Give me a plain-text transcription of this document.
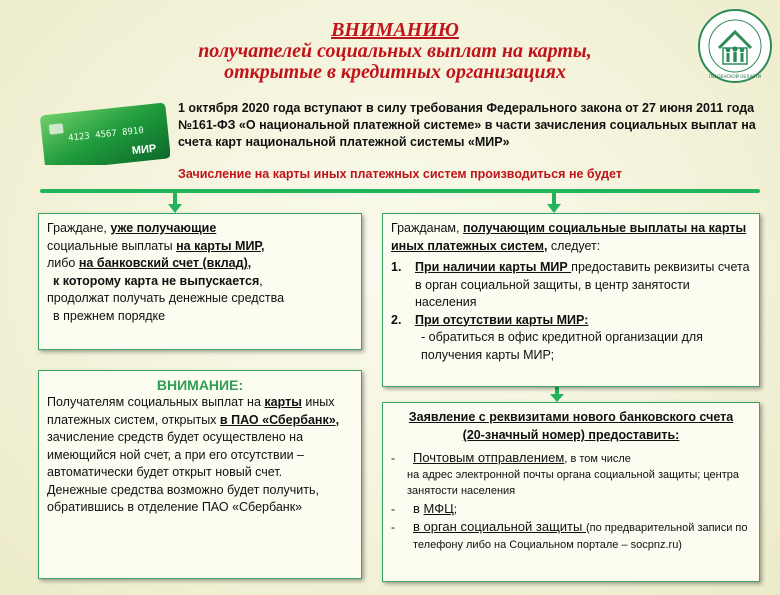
ВНИМАНИЮ
получателей социальных выплат на карты,
открытые в кредитных организациях	ПЕНЗЕНСКОЙ ОБЛАСТИ
4123 4567 8910
МИР
1 октября 2020 года вступают в силу требования Федерального закона от 27 июня 2011 года №161-ФЗ «О национальной платежной системе» в части зачисления социальных выплат на счета карт национальной платежной системы «МИР»
Зачисление на карты иных платежных систем производиться не будет
Граждане, уже получающие
социальные выплаты на карты МИР,
либо на банковский счет (вклад),
к которому карта не выпускается,
продолжат получать денежные средства
в прежнем порядке
Гражданам, получающим социальные выплаты на карты иных платежных систем, следует:
1. При наличии карты МИР предоставить реквизиты счета в орган социальной защиты, в центр занятости населения
2. При отсутствии карты МИР:
- обратиться в офис кредитной организации для получения карты МИР;
ВНИМАНИЕ:
Получателям социальных выплат на карты иных платежных систем, открытых в ПАО «Сбербанк», зачисление средств будет осуществлено на имеющийся ной счет, а при его отсутствии – автоматически будет открыт новый счет.
Денежные средства возможно будет получить, обратившись в отделение ПАО «Сбербанк»
Заявление с реквизитами нового банковского счета
(20-значный номер) предоставить:
- Почтовым отправлением, в том числе
на адрес электронной почты органа социальной защиты; центра занятости населения
- в МФЦ;
- в орган социальной защиты (по предварительной записи по телефону либо на Социальном портале – socpnz.ru)
